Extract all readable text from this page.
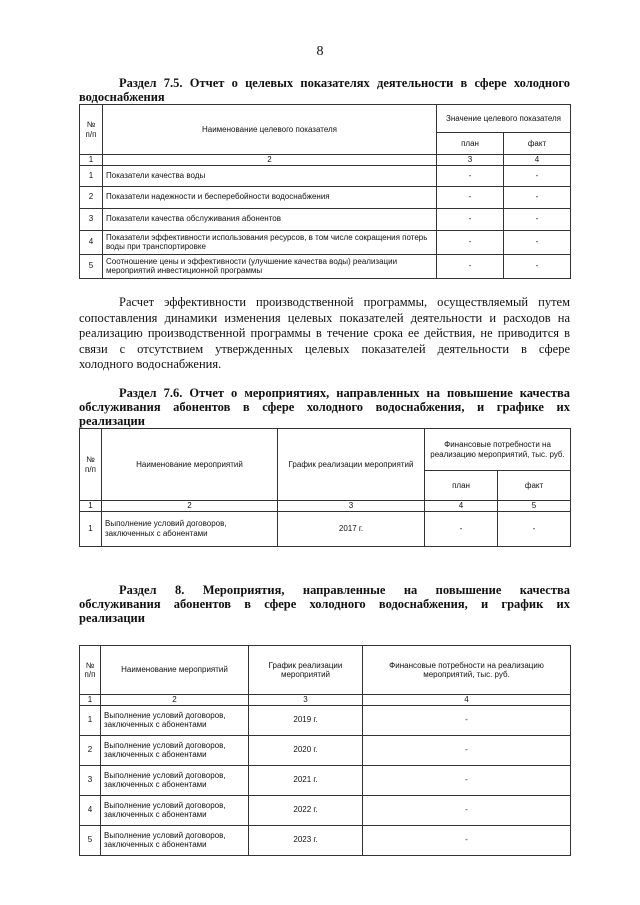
8
Раздел 7.5. Отчет о целевых показателях деятельности в сфере холодного
водоснабжения
№ п/п	Наименование целевого показателя	Значение целевого показателя	
		план	факт
1	2	3	4
1	Показатели качества воды	-	-
2	Показатели надежности и бесперебойности водоснабжения	-	-
3	Показатели качества обслуживания абонентов	-	-
4	Показатели эффективности использования ресурсов, в том числе сокращения потерь воды при транспортировке	-	-
5	Соотношение цены и эффективности (улучшение качества воды) реализации мероприятий инвестиционной программы	-	-
Расчет эффективности производственной программы, осуществляемый путем
сопоставления динамики изменения целевых показателей деятельности и расходов на
реализацию производственной программы в течение срока ее действия, не приводится в
связи с отсутствием утвержденных целевых показателей деятельности в сфере
холодного водоснабжения.
Раздел 7.6. Отчет о мероприятиях, направленных на повышение качества
обслуживания абонентов в сфере холодного водоснабжения, и графике их
реализации
№ п/п	Наименование мероприятий	График реализации мероприятий	Финансовые потребности на реализацию мероприятий, тыс. руб.	
			план	факт
1	2	3	4	5
1	Выполнение условий договоров, заключенных с абонентами	2017 г.	-	-
Раздел 8. Мероприятия, направленные на повышение качества
обслуживания абонентов в сфере холодного водоснабжения, и график их
реализации
№ п/п	Наименование мероприятий	График реализации мероприятий	Финансовые потребности на реализацию мероприятий, тыс. руб.
1	2	3	4
1	Выполнение условий договоров, заключенных с абонентами	2019 г.	-
2	Выполнение условий договоров, заключенных с абонентами	2020 г.	-
3	Выполнение условий договоров, заключенных с абонентами	2021 г.	-
4	Выполнение условий договоров, заключенных с абонентами	2022 г.	-
5	Выполнение условий договоров, заключенных с абонентами	2023 г.	-
